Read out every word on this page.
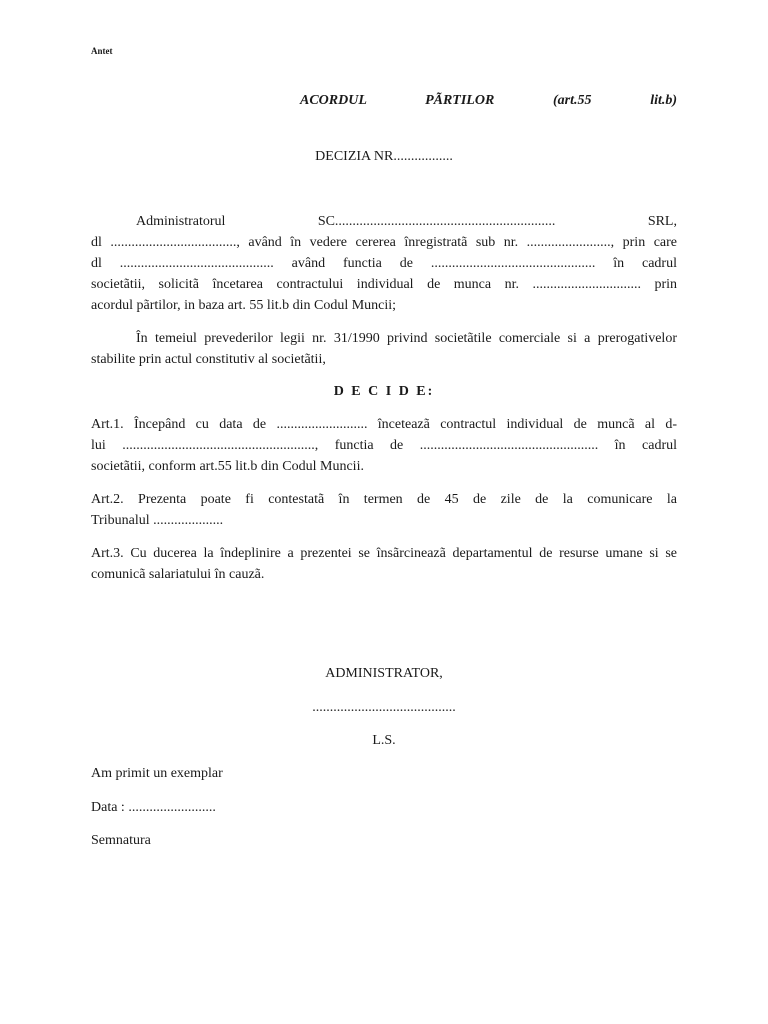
Antet
ACORDUL	PÃRTILOR	(art.55	lit.b)
DECIZIA NR.................
Administratorul	SC...............................................................	SRL,
dl ...................................., având în vedere cererea înregistratã sub nr. ........................, prin care
dl ............................................ având functia de ............................................... în cadrul
societãtii, solicitã încetarea contractului individual de munca nr. ............................... prin
acordul pãrtilor, in baza art. 55 lit.b din Codul Muncii;
În temeiul prevederilor legii nr. 31/1990 privind societãtile comerciale si a prerogativelor
stabilite prin actul constitutiv al societãtii,
D E C I D E:
Art.1. Începând cu data de .......................... înceteazã contractul individual de muncã al d-
lui ......................................................., functia de ................................................... în cadrul
societãtii, conform art.55 lit.b din Codul Muncii.
Art.2. Prezenta poate fi contestatã în termen de 45 de zile de la comunicare la
Tribunalul ....................
Art.3. Cu ducerea la îndeplinire a prezentei se însãrcineazã departamentul de resurse umane si se
comunicã salariatului în cauzã.
ADMINISTRATOR,
.........................................
L.S.
Am primit un exemplar
Data : .........................
Semnatura
